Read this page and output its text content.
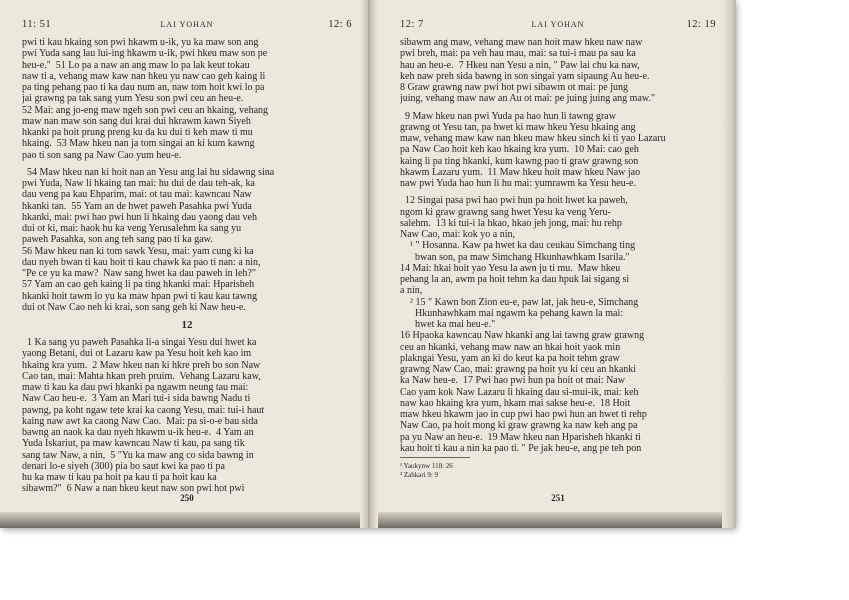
11: 51	LAI YOHAN	12: 6
pwi ti kau hkaing son pwi hkawm u-ik, yu ka maw son ang
pwi Yuda sang lau lui-ing hkawm u-ik, pwi hkeu maw son pe
heu-e."  51 Lo pa a naw an ang maw lo pa lak keut tokau
naw ti a, vehang maw kaw nan hkeu yu naw cao geh kaing li
pa ting pehang pao ti ka dau num an, naw tom hoit kwi lo pa
jai grawng pa tak sang yum Yesu son pwi ceu an heu-e.
52 Mai: ang jo-eng maw ngeh son pwi ceu an hkaing, vehang
maw nan maw son sang dui krai dui hkrawm kawn Siyeh
hkanki pa hoit prung preng ku da ku dui ti keh maw ti mu
hkaing.  53 Maw hkeu nan ja tom singai an ki kum kawng
pao ti son sang pa Naw Cao yum heu-e.
54 Maw hkeu nan ki hoit nan an Yesu ang lai hu sidawng sina
pwi Yuda, Naw li hkaing tan mai: hu dui de dau teh-ak, ka
dau veng pa kau Ehparim, mai: ot tau mai: kawncau Naw
hkanki tan.  55 Yam an de hwet paweh Pasahka pwi Yuda
hkanki, mai: pwi hao pwi hun li hkaing dau yaong dau veh
dui ot ki, mai: haok hu ka veng Yerusalehm ka sang yu
paweh Pasahka, son ang teh sang pao ti ka gaw.
56 Maw hkeu nan ki tom sawk Yesu, mai: yam cung ki ka
dau nyeh bwan ti kau hoit ti kau chawk ka pao ti nan: a nin,
"Pe ce yu ka maw?  Naw sang hwet ka dau paweh in leh?"
57 Yam an cao geh kaing li pa ting hkanki mai: Hparisheh
hkanki hoit tawm lo yu ka maw hpan pwi ti kau kau tawng
dui ot Naw Cao neh ki krai, son sang geh ki Naw heu-e.
12
1 Ka sang yu paweh Pasahka li-a singai Yesu dui hwet ka
yaong Betani, dui ot Lazaru kaw pa Yesu hoit keh kao im
hkaing kra yum.  2 Maw hkeu nan ki hkre preh bo son Naw
Cao tan, mai: Mahta hkan preh pruim.  Vehang Lazaru kaw,
maw ti kau ka dau pwi hkanki pa ngawm neung tau mai:
Naw Cao heu-e.  3 Yam an Mari tui-i sida bawng Nadu ti
pawng, pa koht ngaw tete krai ka caong Yesu, mai: tui-i haut
kaing naw awt ka caong Naw Cao.  Mai: pa si-o-e bau sida
bawng an naok ka dau nyeh hkawm u-ik heu-e.  4 Yam an
Yuda Iskariut, pa maw kawncau Naw ti kau, pa sang tik
sang taw Naw, a nin,  5 "Yu ka maw ang co sida bawng in
denari lo-e siyeh (300) pia bo saut kwi ka pao ti pa
hu ka maw ti kau pa hoit pa kau ti pa hoit kau ka
sibawm?"  6 Naw a nan hkeu keut naw son pwi hot pwi
250
12: 7	LAI YOHAN	12: 19
sibawm ang maw, vehang maw nan hoit maw hkeu naw naw
pwi breh, mai: pa veh hau mau, mai: sa tui-i mau pa sau ka
hau an heu-e.  7 Hkeu nan Yesu a nin, " Paw lai chu ka naw,
keh naw preh sida bawng in son singai yam sipaung Au heu-e.
8 Graw grawng naw pwi hot pwi sibawm ot mai: pe jung
juing, vehang maw naw an Au ot mai: pe juing juing ang maw."
9 Maw hkeu nan pwi Yuda pa hao hun li tawng graw
grawng ot Yesu tan, pa hwet ki maw hkeu Yesu hkaing ang
maw, vehang maw kaw nan hkeu maw hkeu sinch ki ti yao Lazaru
pa Naw Cao hoit keh kao hkaing kra yum.  10 Mai: cao geh
kaing li pa ting hkanki, kum kawng pao ti graw grawng son
hkawm Lazaru yum.  11 Maw hkeu hoit maw hkeu Naw jao
naw pwi Yuda hao hun li hu mai: yumrawm ka Yesu heu-e.
12 Singai pasa pwi hao pwi hun pa hoit hwet ka paweh,
ngom ki graw grawng sang hwet Yesu ka veng Yeru-
salehm.  13 ki tui-i la hkao, hkao jeh jong, mai: hu rehp
Naw Cao, mai: kok yo a nin,
¹ " Hosanna. Kaw pa hwet ka dau ceukau Simchang ting
bwan son, pa maw Simchang Hkunhawhkam Isarila."
14 Mai: hkai hoit yao Yesu la awn ju ti mu.  Maw hkeu
pehang la an, awm pa hoit tehm ka dau hpuk lai sigang si
a nin,
² 15 " Kawn bon Zion eu-e, paw lat, jak heu-e, Simchang
Hkunhawhkam mai ngawm ka pehang kawn la mai:
hwet ka mai heu-e."
16 Hpaoka kawncau Naw hkanki ang lai tawng graw grawng
ceu an hkanki, vehang maw naw an hkai hoit yaok min
plakngai Yesu, yam an ki do keut ka pa hoit tehm graw
grawng Naw Cao, mai: grawng pa hoit yu ki ceu an hkanki
ka Naw heu-e.  17 Pwi hao pwi hun pa hoit ot mai: Naw
Cao yam kok Naw Lazaru li hkaing dau si-mui-ik, mai: keh
naw kao hkaing kra yum, hkam mai sakse heu-e.  18 Hoit
maw hkeu hkawm jao in cup pwi hao pwi hun an hwet ti rehp
Naw Cao, pa hoit mong ki graw grawng ka naw keh ang pa
pa yu Naw an heu-e.  19 Maw hkeu nan Hparisheh hkanki ti
kau hoit ti kau a nin ka pao ti. " Pe jak heu-e, ang pe teh pon
¹ Yaokynw 118: 26
² Zahkari 9: 9
251
